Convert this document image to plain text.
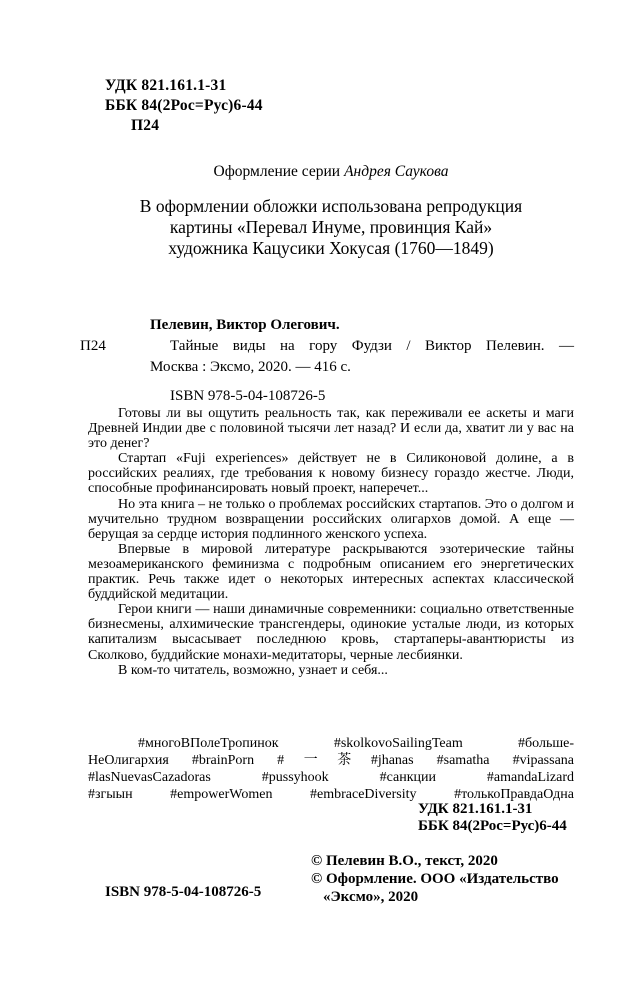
УДК 821.161.1-31
ББК 84(2Рос=Рус)6-44
П24
Оформление серии Андрея Саукова
В оформлении обложки использована репродукция
картины «Перевал Инуме, провинция Кай»
художника Кацусики Хокусая (1760—1849)
П24
Пелевин, Виктор Олегович.
Тайные виды на гору Фудзи / Виктор Пелевин. —
Москва : Эксмо, 2020. — 416 с.
ISBN 978-5-04-108726-5

Готовы ли вы ощутить реальность так, как переживали ее аскеты и маги Древней Индии две с половиной тысячи лет назад? И если да, хватит ли у вас на это денег?

Стартап «Fuji experiences» действует не в Силиконовой долине, а в российских реалиях, где требования к новому бизнесу гораздо жестче. Люди, способные профинансировать новый проект, наперечет...

Но эта книга – не только о проблемах российских стартапов. Это о долгом и мучительно трудном возвращении российских олигархов домой. А еще — берущая за сердце история подлинного женского успеха.

Впервые в мировой литературе раскрываются эзотерические тайны мезоамериканского феминизма с подробным описанием его энергетических практик. Речь также идет о некоторых интересных аспектах классической буддийской медитации.

Герои книги — наши динамичные современники: социально ответственные бизнесмены, алхимические трансгендеры, одинокие усталые люди, из которых капитализм высасывает последнюю кровь, стартаперы-авантюристы из Сколково, буддийские монахи-медитаторы, черные лесбиянки.

В ком-то читатель, возможно, узнает и себя...

#многоВПолеТропинок #skolkovoSailingTeam #больше-
НеОлигархия #brainPorn #一茶#jhanas #samatha #vipassana
#lasNuevasCazadoras #pussyhook #санкции #amandaLizard
#згыын #empowerWomen #embraceDiversity #толькоПравдаОдна
УДК 821.161.1-31
ББК 84(2Рос=Рус)6-44
© Пелевин В.О., текст, 2020
© Оформление. ООО «Издательство
«Эксмо», 2020
ISBN 978-5-04-108726-5
